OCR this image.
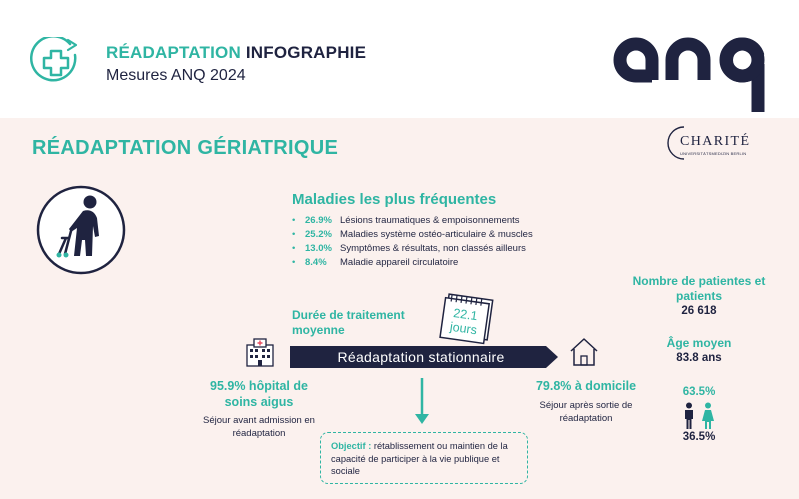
RÉADAPTATION INFOGRAPHIE
Mesures ANQ 2024
RÉADAPTATION GÉRIATRIQUE	CHARITÉ
UNIVERSITÄTSMEDIZIN BERLIN
Maladies les plus fréquentes
• 26.9% Lésions traumatiques & empoisonnements
• 25.2% Maladies système ostéo-articulaire & muscles
• 13.0% Symptômes & résultats, non classés ailleurs
• 8.4% Maladie appareil circulatoire
Durée de traitement moyenne
22.1
jours
Réadaptation stationnaire
95.9% hôpital de soins aigus
Séjour avant admission en réadaptation
79.8% à domicile
Séjour après sortie de réadaptation
Objectif : rétablissement ou maintien de la capacité de participer à la vie publique et sociale
Nombre de patientes et patients
26 618
Âge moyen
83.8 ans
63.5%
36.5%
